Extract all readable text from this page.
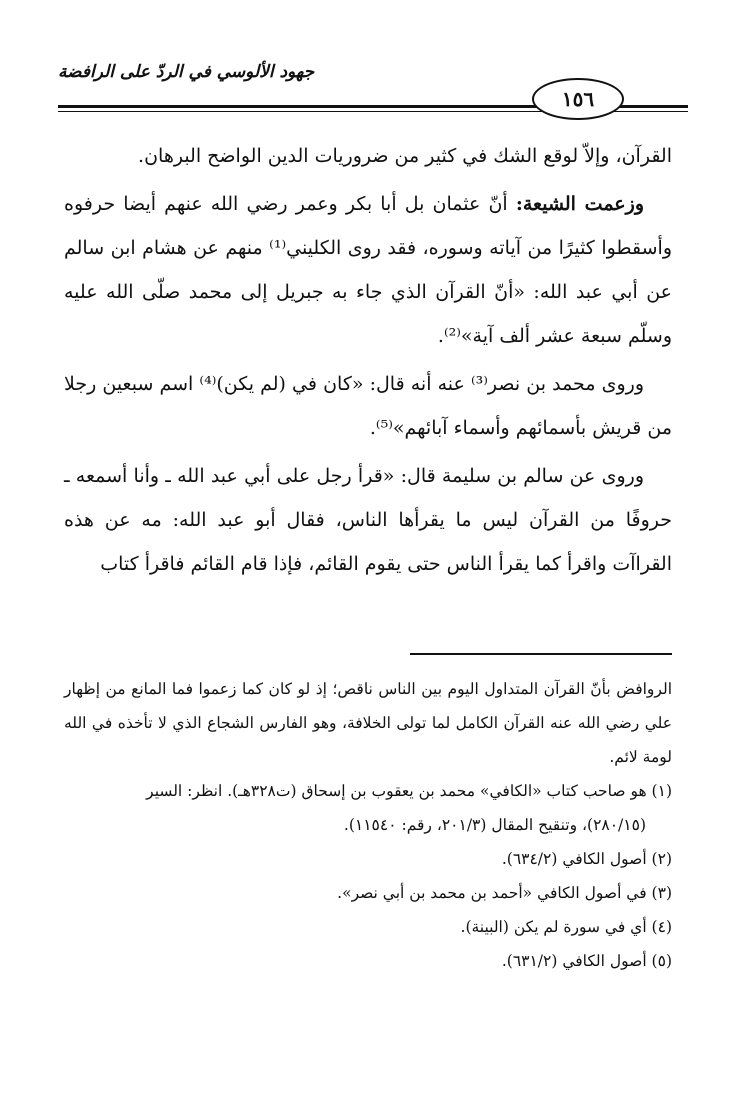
جهود الألوسي في الردّ على الرافضة
١٥٦

القرآن، وإلاّ لوقع الشك في كثير من ضروريات الدين الواضح البرهان.

وزعمت الشيعة: أنّ عثمان بل أبا بكر وعمر رضي الله عنهم أيضا حرفوه وأسقطوا كثيرًا من آياته وسوره، فقد روى الكليني⁽¹⁾ منهم عن هشام ابن سالم عن أبي عبد الله: «أنّ القرآن الذي جاء به جبريل إلى محمد صلّى الله عليه وسلّم سبعة عشر ألف آية»⁽²⁾.

وروى محمد بن نصر⁽³⁾ عنه أنه قال: «كان في (لم يكن)⁽⁴⁾ اسم سبعين رجلا من قريش بأسمائهم وأسماء آبائهم»⁽⁵⁾.

وروى عن سالم بن سليمة قال: «قرأ رجل على أبي عبد الله ـ وأنا أسمعه ـ حروفًا من القرآن ليس ما يقرأها الناس، فقال أبو عبد الله: مه عن هذه القراآت واقرأ كما يقرأ الناس حتى يقوم القائم، فإذا قام القائم فاقرأ كتاب

الروافض بأنّ القرآن المتداول اليوم بين الناس ناقص؛ إذ لو كان كما زعموا فما المانع من إظهار علي رضي الله عنه القرآن الكامل لما تولى الخلافة، وهو الفارس الشجاع الذي لا تأخذه في الله لومة لائم.

(١) هو صاحب كتاب «الكافي» محمد بن يعقوب بن إسحاق (ت٣٢٨هـ). انظر: السير

(٢٨٠/١٥)، وتنقيح المقال (٢٠١/٣، رقم: ١١٥٤٠).

(٢) أصول الكافي (٦٣٤/٢).

(٣) في أصول الكافي «أحمد بن محمد بن أبي نصر».

(٤) أي في سورة لم يكن (البينة).

(٥) أصول الكافي (٦٣١/٢).
